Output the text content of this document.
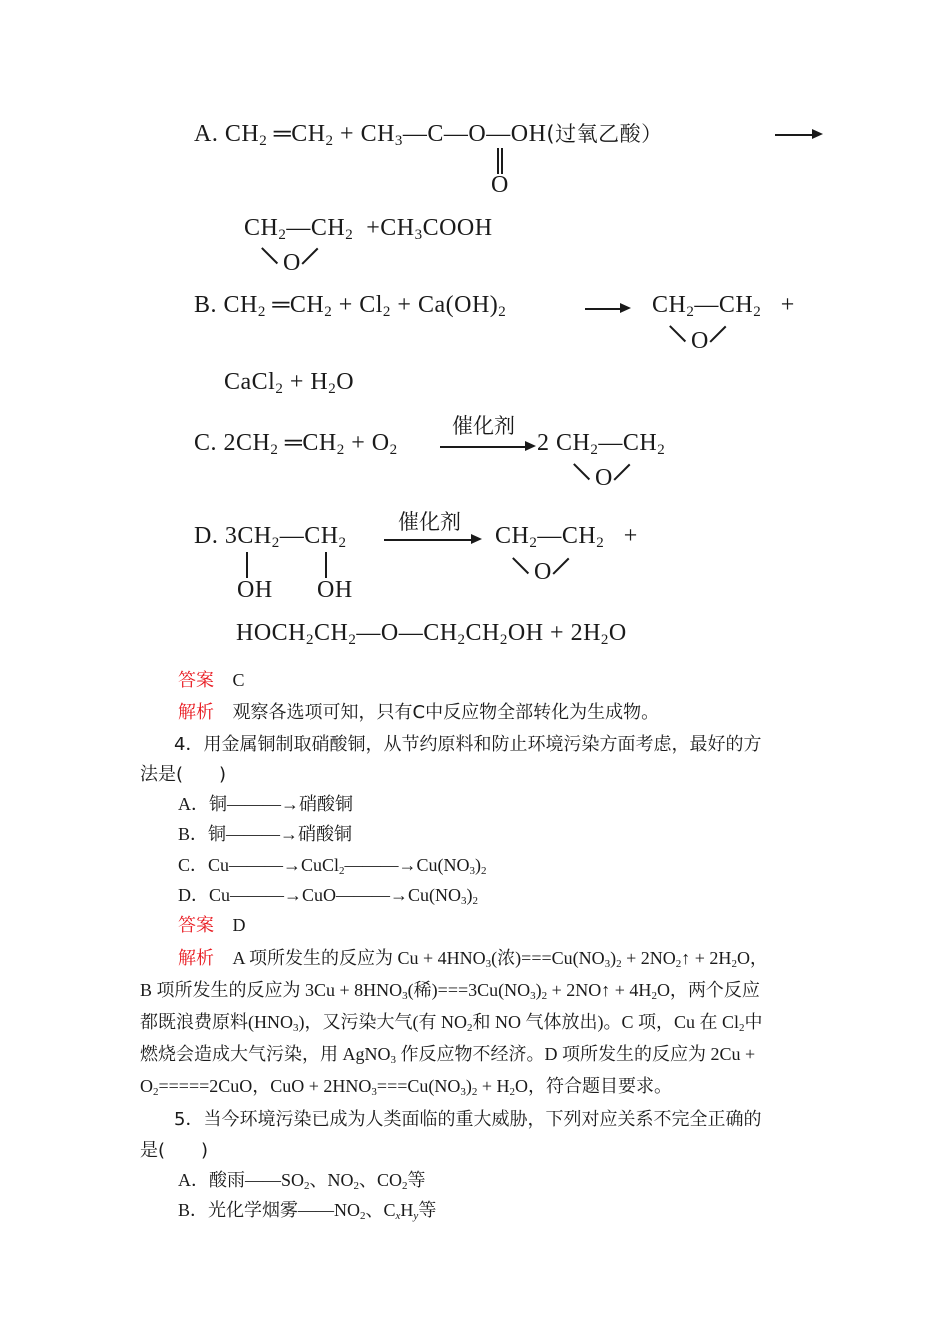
A. $CH_2$ $═CH_2$ + $CH_3—C—O—OH$(过氧乙酸）
O
$CH_2—CH_2$  $+CH_3COOH$
O
B. $CH_2$ $═CH_2 + Cl_2 + Ca(OH)_2$	$CH_2—CH_2$   +
O
CaCl$_2$ + $H_2O$
C. $2CH_2$ $═CH_2 + O_2$
催化剂
2 $CH_2—CH_2$
O
D. $3CH_2—CH_2$
OH OH
催化剂
$CH_2—CH_2$   +
O
$HOCH_2CH_2—O—CH_2CH_2OH + 2H_2O$
答案 C
解析 观察各选项可知，只有C中反应物全部转化为生成物。
4．用金属铜制取硝酸铜，从节约原料和防止环境污染方面考虑，最好的方
法是(　　)
A．铜———→硝酸铜
B．铜———→硝酸铜
C．$Cu———\to CuCl_2———\to Cu(NO_3)_2$
D．$Cu———\to CuO———\to Cu(NO_3)_2$
答案 D
解析 A 项所发生的反应为 $Cu + 4HNO_3$(浓)$===Cu(NO_3)_2$ + $2NO_2↑ + 2H_2O$，
B 项所发生的反应为 $3Cu + 8HNO_3$(稀)$===3Cu(NO_3)_2$ + 2NO↑ + $4H_2O$，两个反应
都既浪费原料$(HNO_3)$，又污染大气(有 $NO_2$和 NO 气体放出)。C 项，Cu 在 $Cl_2$中
燃烧会造成大气污染，用 AgNO$_3$ 作反应物不经济。D 项所发生的反应为 2Cu +
$O_2=====2CuO$，CuO + $2HNO_3===Cu(NO_3)_2 + H_2O$，符合题目要求。
5．当今环境污染已成为人类面临的重大威胁，下列对应关系不完全正确的
是(　　)
A．酸雨$——SO_2$、$NO_2$、$CO_2$等
B．光化学烟雾$——NO_2$、$C_xH_y$等
